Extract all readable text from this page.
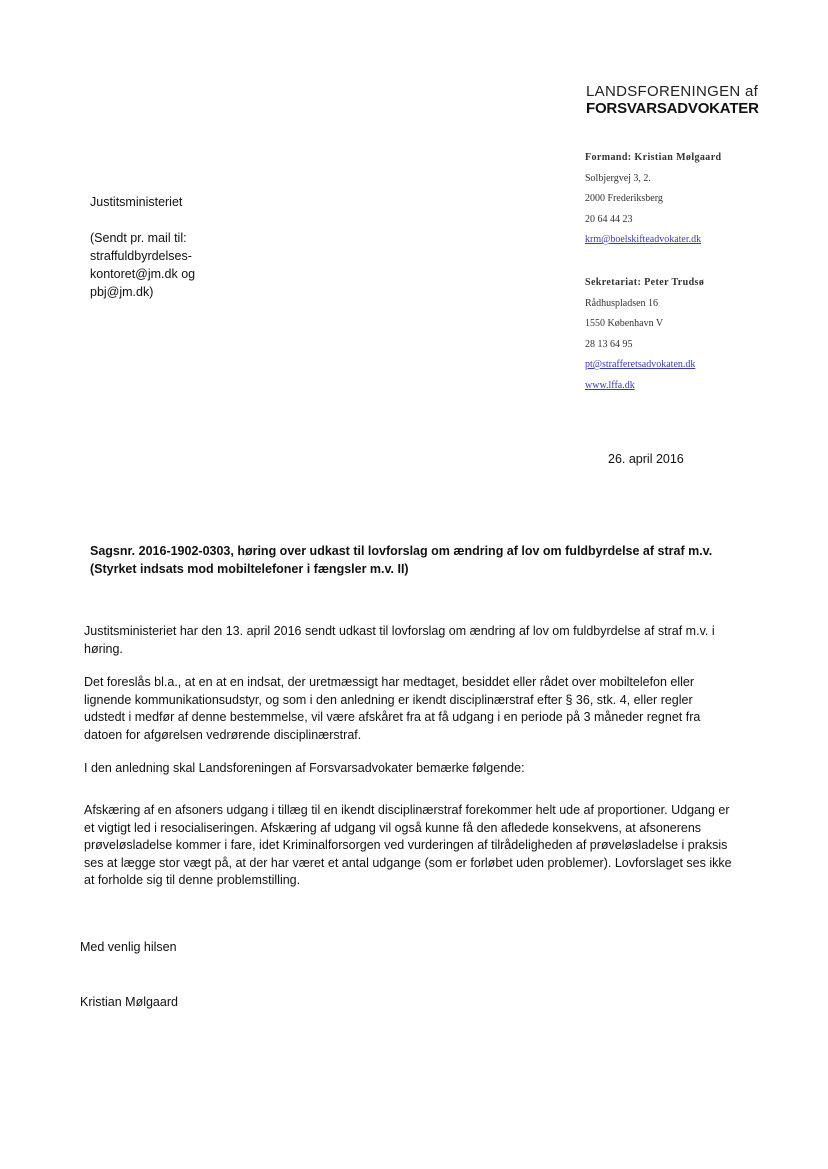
LANDSFORENINGEN af
FORSVARSADVOKATER
Formand: Kristian Mølgaard
Solbjergvej 3, 2.
2000 Frederiksberg
20 64 44 23
krm@boelskifteadvokater.dk
Sekretariat: Peter Trudsø
Rådhuspladsen 16
1550 København V
28 13 64 95
pt@strafferetsadvokaten.dk
www.lffa.dk
Justitsministeriet
(Sendt pr. mail til:
straffuldbyrdelses-
kontoret@jm.dk og
pbj@jm.dk)
26. april 2016
Sagsnr. 2016-1902-0303, høring over udkast til lovforslag om ændring af lov om fuldbyrdelse af straf m.v.
(Styrket indsats mod mobiltelefoner i fængsler m.v. II)
Justitsministeriet har den 13. april 2016 sendt udkast til lovforslag om ændring af lov om fuldbyrdelse af straf m.v. i høring.
Det foreslås bl.a., at en at en indsat, der uretmæssigt har medtaget, besiddet eller rådet over mobiltelefon eller lignende kommunikationsudstyr, og som i den anledning er ikendt disciplinærstraf efter § 36, stk. 4, eller regler udstedt i medfør af denne bestemmelse, vil være afskåret fra at få udgang i en periode på 3 måneder regnet fra datoen for afgørelsen vedrørende disciplinærstraf.
I den anledning skal Landsforeningen af Forsvarsadvokater bemærke følgende:
Afskæring af en afsoners udgang i tillæg til en ikendt disciplinærstraf forekommer helt ude af proportioner. Udgang er et vigtigt led i resocialiseringen. Afskæring af udgang vil også kunne få den afledede konsekvens, at afsonerens prøveløsladelse kommer i fare, idet Kriminalforsorgen ved vurderingen af tilrådeligheden af prøveløsladelse i praksis ses at lægge stor vægt på, at der har været et antal udgange (som er forløbet uden problemer). Lovforslaget ses ikke at forholde sig til denne problemstilling.
Med venlig hilsen
Kristian Mølgaard
